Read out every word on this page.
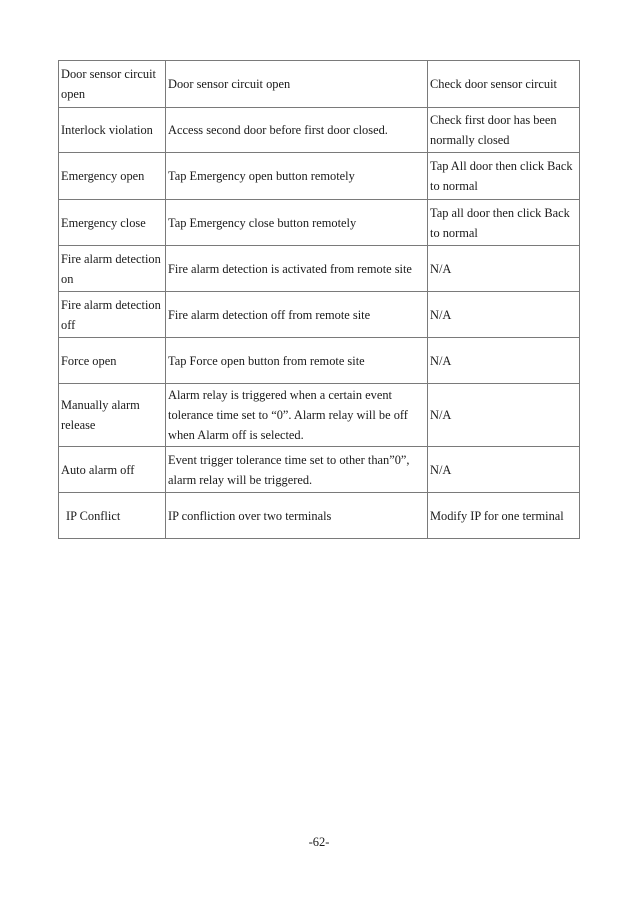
Door sensor circuit open	Door sensor circuit open	Check door sensor circuit
Interlock violation	Access second door before first door closed.	Check first door has been normally closed
Emergency open	Tap Emergency open button remotely	Tap All door then click Back to normal
Emergency close	Tap Emergency close button remotely	Tap all door then click Back to normal
Fire alarm detection on	Fire alarm detection is activated from remote site	N/A
Fire alarm detection off	Fire alarm detection off from remote site	N/A
Force open	Tap Force open button from remote site	N/A
Manually alarm release	Alarm relay is triggered when a certain event tolerance time set to “0”. Alarm relay will be off when Alarm off is selected.	N/A
Auto alarm off	Event trigger tolerance time set to other than”0”, alarm relay will be triggered.	N/A
IP Conflict	IP confliction over two terminals	Modify IP for one terminal
-62-
